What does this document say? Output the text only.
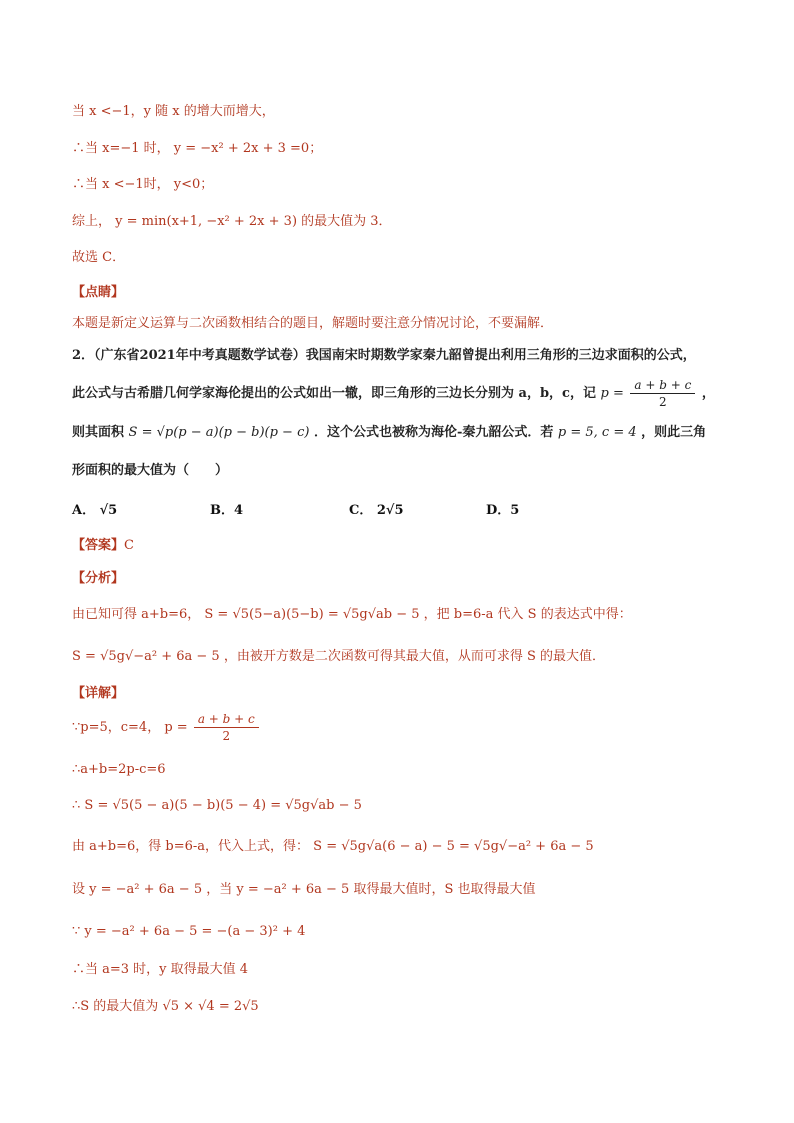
当 x <−1，y 随 x 的增大而增大，
∴当 x=−1 时， y = −x² + 2x + 3 =0；
∴当 x <−1时， y<0；
综上， y = min(x+1, −x² + 2x + 3) 的最大值为 3．
故选 C．
【点睛】
本题是新定义运算与二次函数相结合的题目，解题时要注意分情况讨论，不要漏解．
2．（广东省2021年中考真题数学试卷）我国南宋时期数学家秦九韶曾提出利用三角形的三边求面积的公式，
此公式与古希腊几何学家海伦提出的公式如出一辙，即三角形的三边长分别为 a，b，c，记 $p = \frac{a + b + c}{2}$ ，
则其面积 S = √p(p − a)(p − b)(p − c) ．这个公式也被称为海伦-秦九韶公式．若 p = 5, c = 4 ，则此三角
形面积的最大值为（　　）
A． √5	B．4	C． 2√5	D．5
【答案】C
【分析】
由已知可得 a+b=6， S = √5(5−a)(5−b) = √5g√ab − 5 ，把 b=6-a 代入 S 的表达式中得：
S = √5g√−a² + 6a − 5 ，由被开方数是二次函数可得其最大值，从而可求得 S 的最大值．
【详解】
∵p=5，c=4， $p = \frac{a + b + c}{2}$
∴a+b=2p-c=6
∴ S = √5(5 − a)(5 − b)(5 − 4) = √5g√ab − 5
由 a+b=6，得 b=6-a，代入上式，得： S = √5g√a(6 − a) − 5 = √5g√−a² + 6a − 5
设 y = −a² + 6a − 5 ，当 y = −a² + 6a − 5 取得最大值时，S 也取得最大值
∵ y = −a² + 6a − 5 = −(a − 3)² + 4
∴当 a=3 时，y 取得最大值 4
∴S 的最大值为 √5 × √4 = 2√5
